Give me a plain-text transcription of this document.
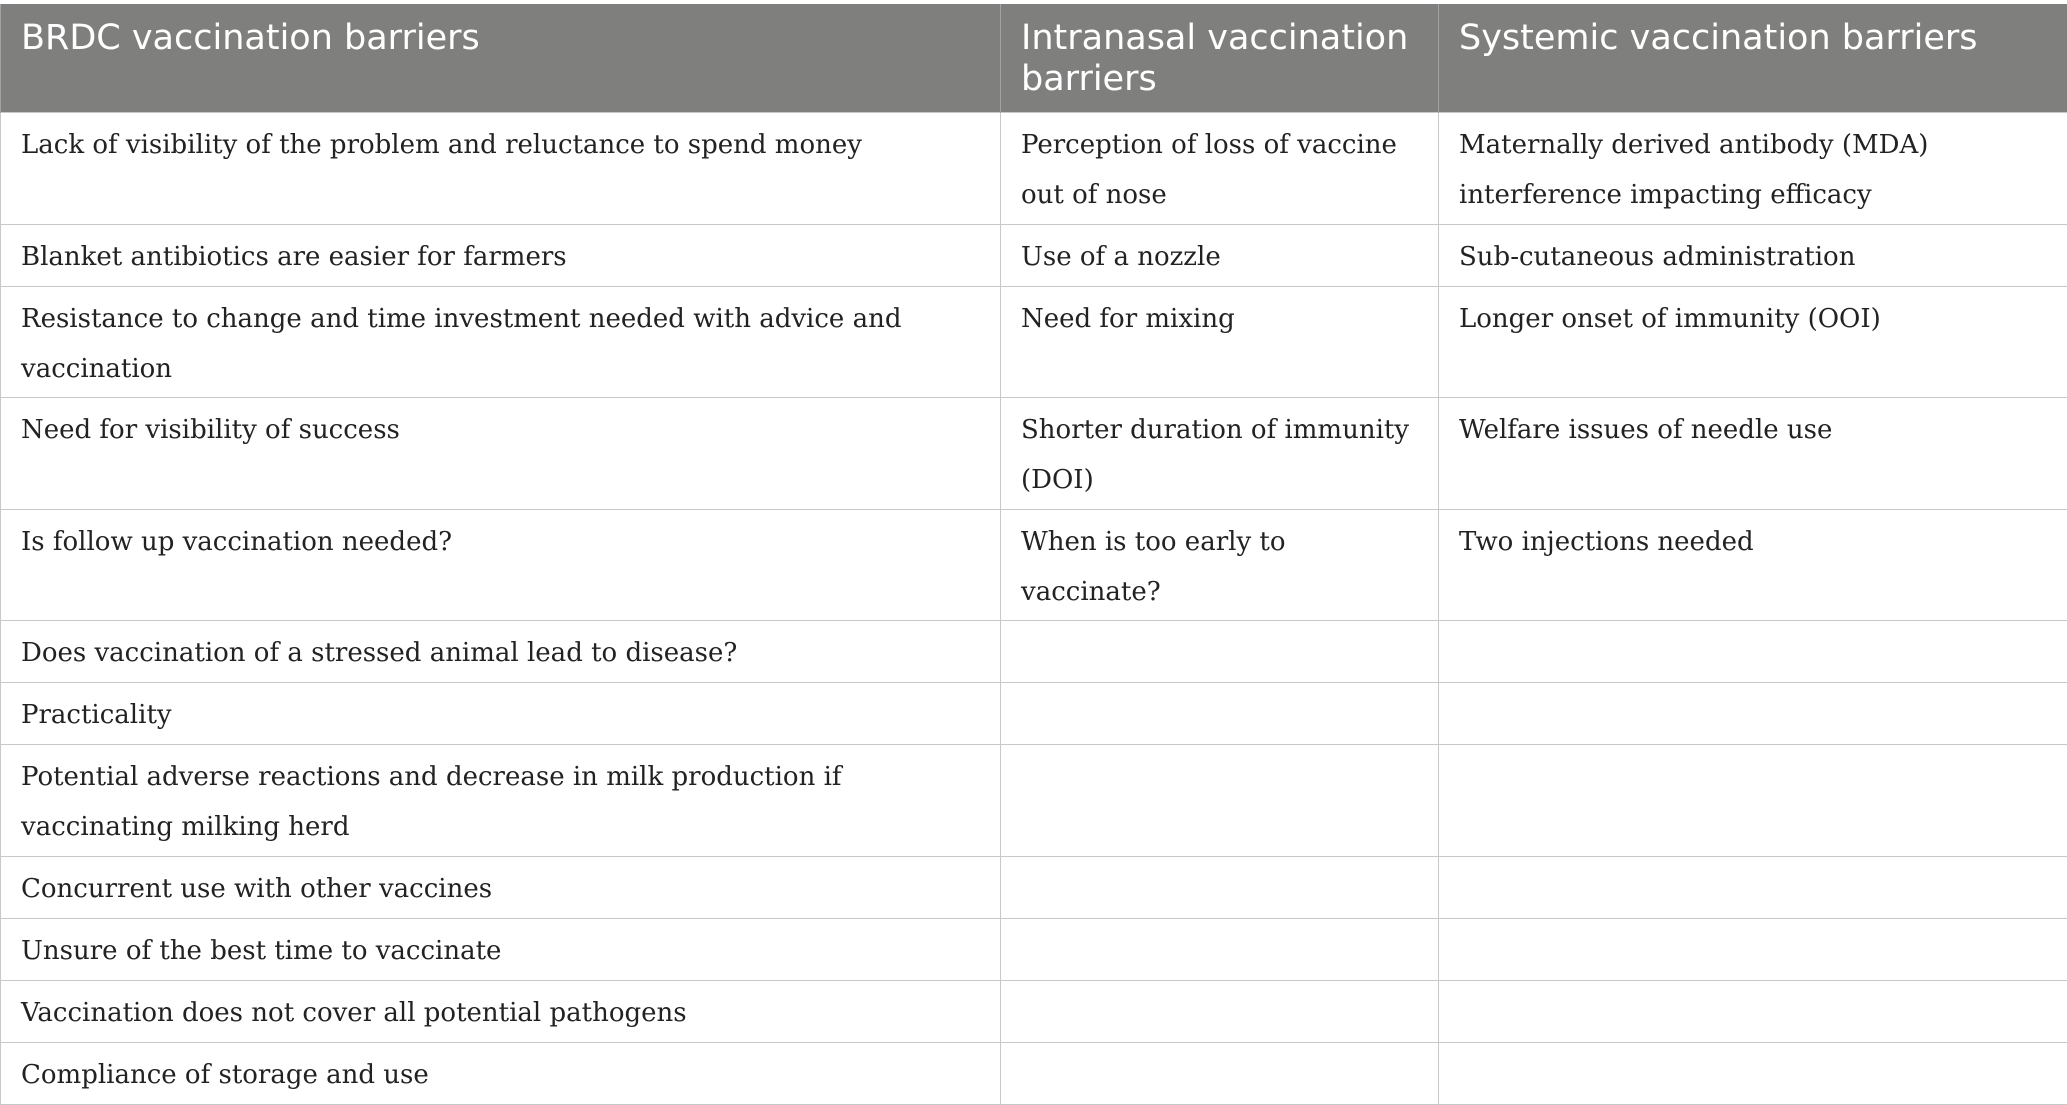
BRDC vaccination barriers	Intranasal vaccination barriers	Systemic vaccination barriers
Lack of visibility of the problem and reluctance to spend money	Perception of loss of vaccine out of nose	Maternally derived antibody (MDA) interference impacting efficacy
Blanket antibiotics are easier for farmers	Use of a nozzle	Sub-cutaneous administration
Resistance to change and time investment needed with advice and vaccination	Need for mixing	Longer onset of immunity (OOI)
Need for visibility of success	Shorter duration of immunity (DOI)	Welfare issues of needle use
Is follow up vaccination needed?	When is too early to vaccinate?	Two injections needed
Does vaccination of a stressed animal lead to disease?		
Practicality		
Potential adverse reactions and decrease in milk production if vaccinating milking herd		
Concurrent use with other vaccines		
Unsure of the best time to vaccinate		
Vaccination does not cover all potential pathogens		
Compliance of storage and use		
